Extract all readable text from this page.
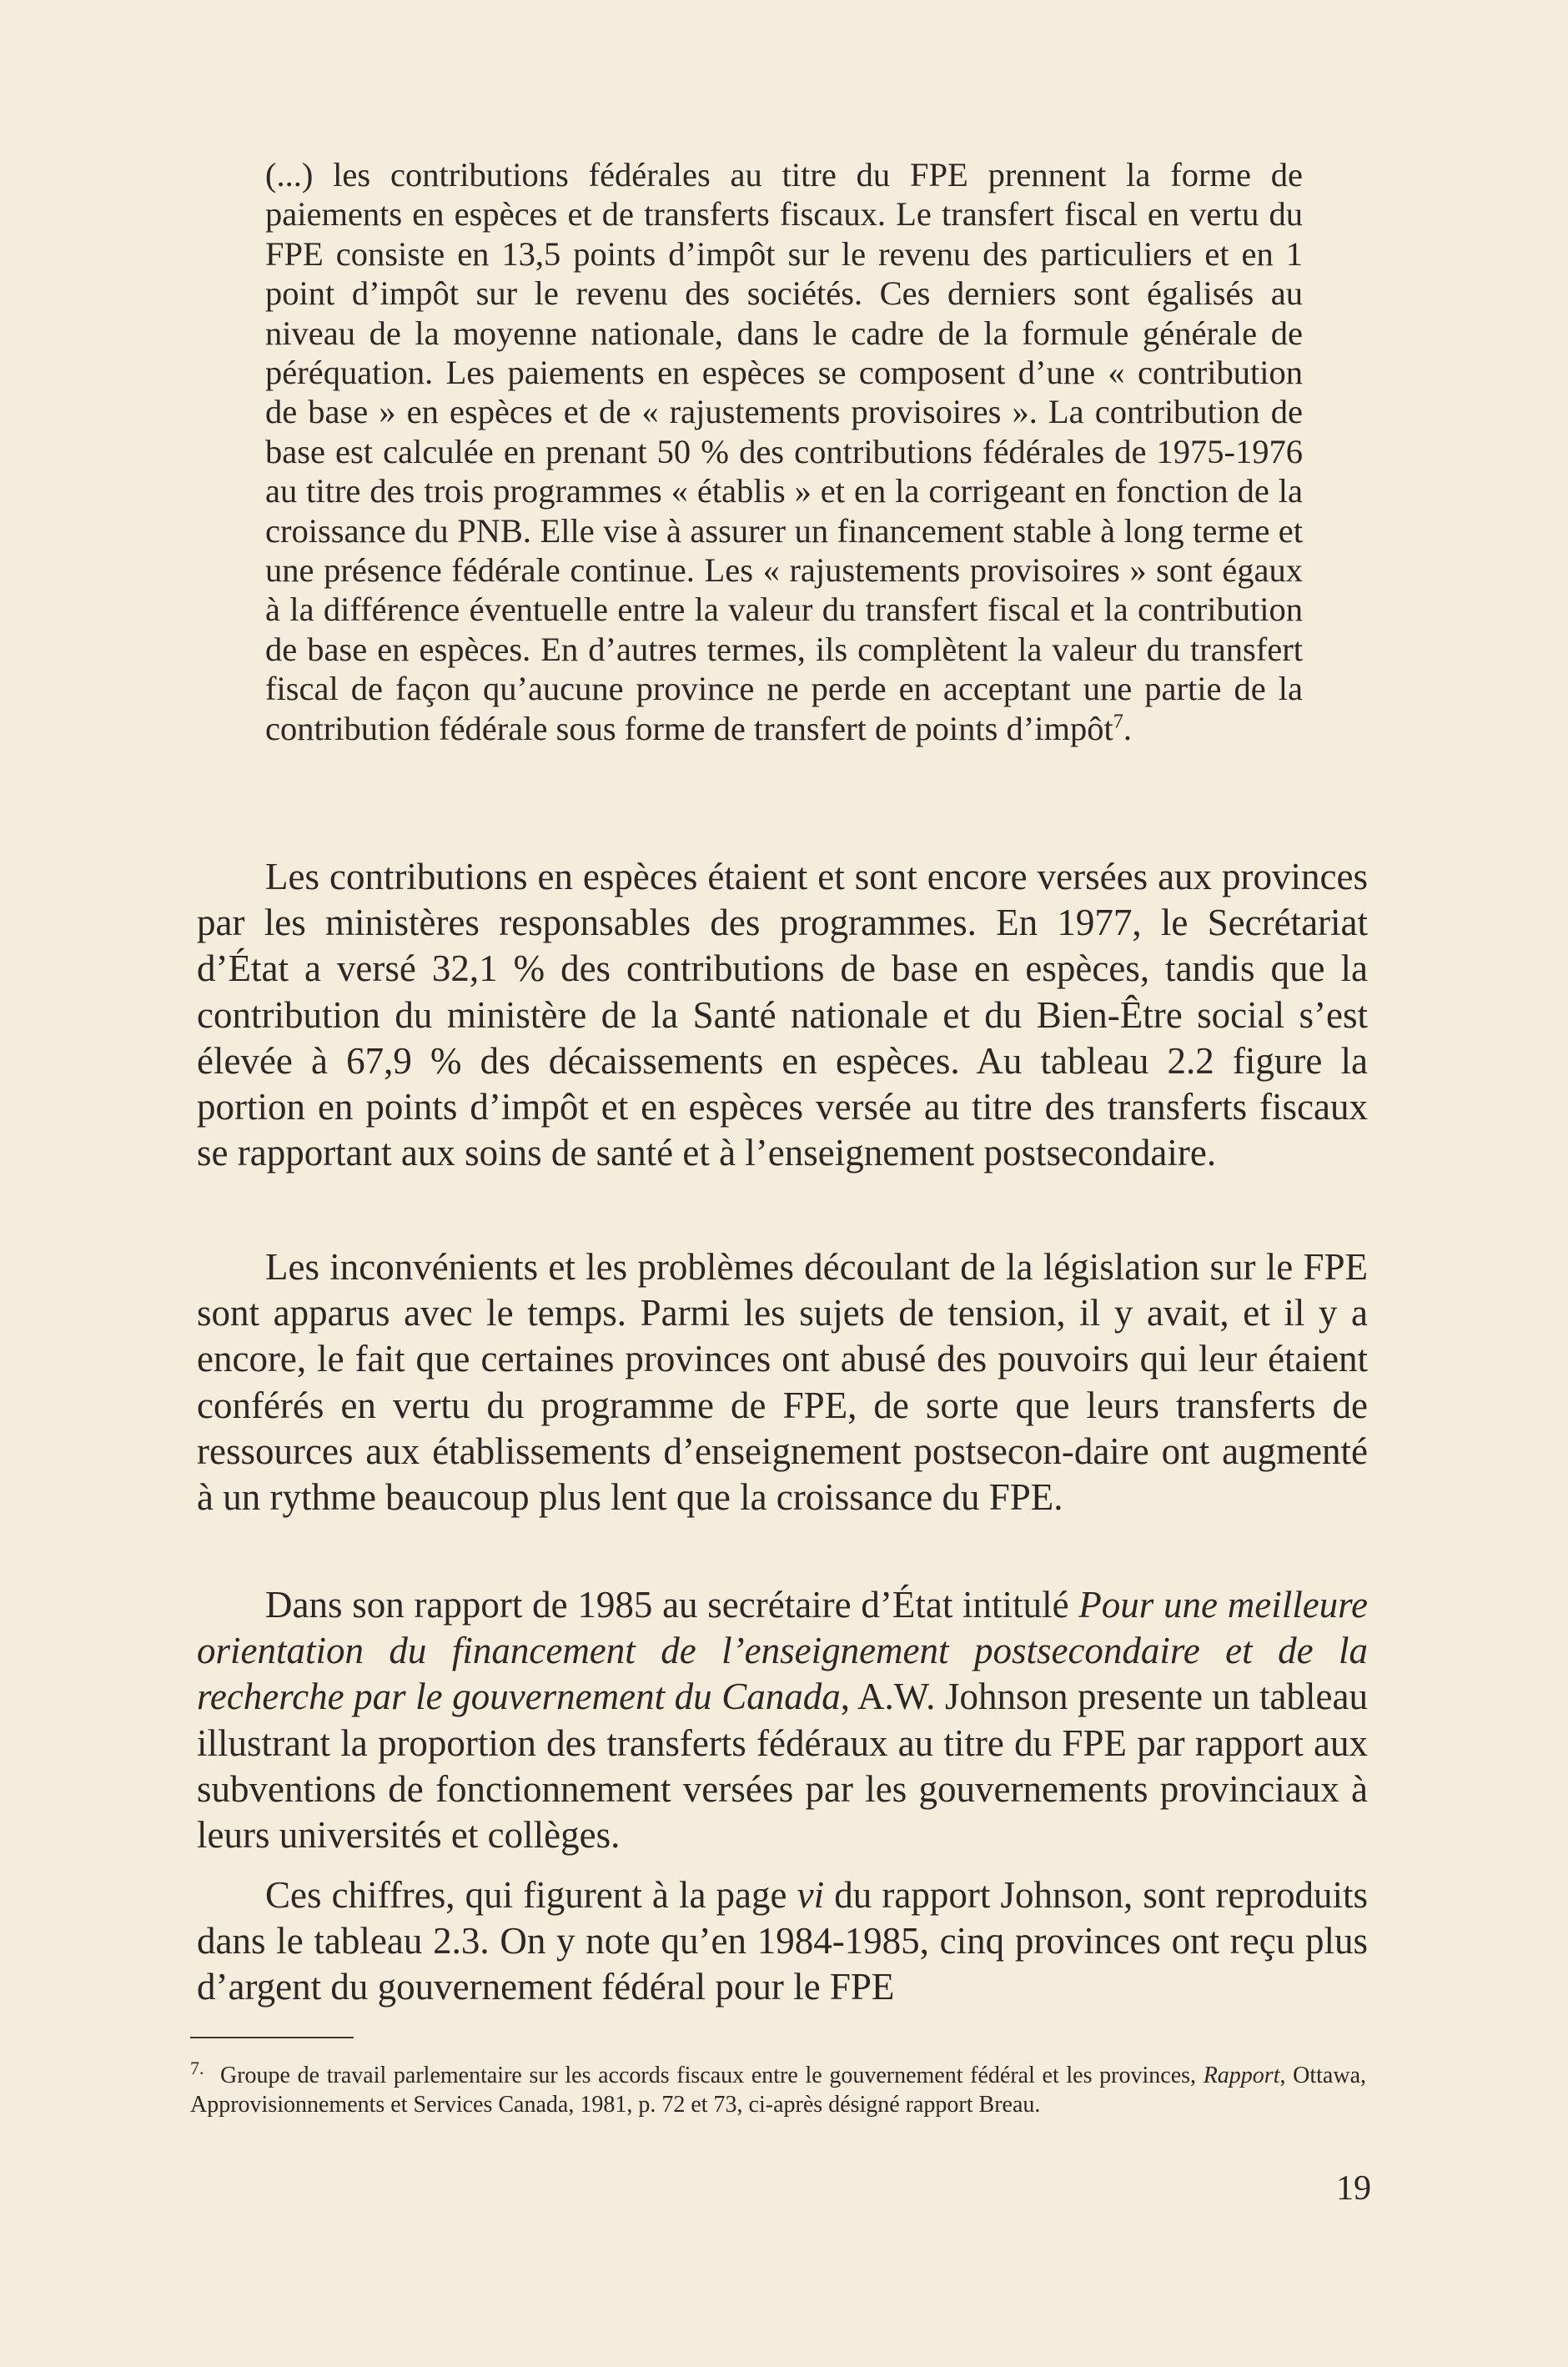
(...) les contributions fédérales au titre du FPE prennent la forme de paiements en espèces et de transferts fiscaux. Le transfert fiscal en vertu du FPE consiste en 13,5 points d’impôt sur le revenu des particuliers et en 1 point d’impôt sur le revenu des sociétés. Ces derniers sont égalisés au niveau de la moyenne nationale, dans le cadre de la formule générale de péréquation. Les paiements en espèces se composent d’une « contribution de base » en espèces et de « rajustements provisoires ». La contribution de base est calculée en prenant 50 % des contributions fédérales de 1975-1976 au titre des trois programmes « établis » et en la corrigeant en fonction de la croissance du PNB. Elle vise à assurer un financement stable à long terme et une présence fédérale continue. Les « rajustements provisoires » sont égaux à la différence éventuelle entre la valeur du transfert fiscal et la contribution de base en espèces. En d’autres termes, ils complètent la valeur du transfert fiscal de façon qu’aucune province ne perde en acceptant une partie de la contribution fédérale sous forme de transfert de points d’impôt$^7$.

Les contributions en espèces étaient et sont encore versées aux provinces par les ministères responsables des programmes. En 1977, le Secrétariat d’État a versé 32,1 % des contributions de base en espèces, tandis que la contribution du ministère de la Santé nationale et du Bien-Être social s’est élevée à 67,9 % des décaissements en espèces. Au tableau 2.2 figure la portion en points d’impôt et en espèces versée au titre des transferts fiscaux se rapportant aux soins de santé et à l’enseignement postsecondaire.

Les inconvénients et les problèmes découlant de la législation sur le FPE sont apparus avec le temps. Parmi les sujets de tension, il y avait, et il y a encore, le fait que certaines provinces ont abusé des pouvoirs qui leur étaient conférés en vertu du programme de FPE, de sorte que leurs transferts de ressources aux établissements d’enseignement postsecon-daire ont augmenté à un rythme beaucoup plus lent que la croissance du FPE.

Dans son rapport de 1985 au secrétaire d’État intitulé Pour une meilleure orientation du financement de l’enseignement postsecondaire et de la recherche par le gouvernement du Canada, A.W. Johnson presente un tableau illustrant la proportion des transferts fédéraux au titre du FPE par rapport aux subventions de fonctionnement versées par les gouvernements provinciaux à leurs universités et collèges.

Ces chiffres, qui figurent à la page vi du rapport Johnson, sont reproduits dans le tableau 2.3. On y note qu’en 1984-1985, cinq provinces ont reçu plus d’argent du gouvernement fédéral pour le FPE

7. Groupe de travail parlementaire sur les accords fiscaux entre le gouvernement fédéral et les provinces, Rapport, Ottawa, Approvisionnements et Services Canada, 1981, p. 72 et 73, ci-après désigné rapport Breau.

19
